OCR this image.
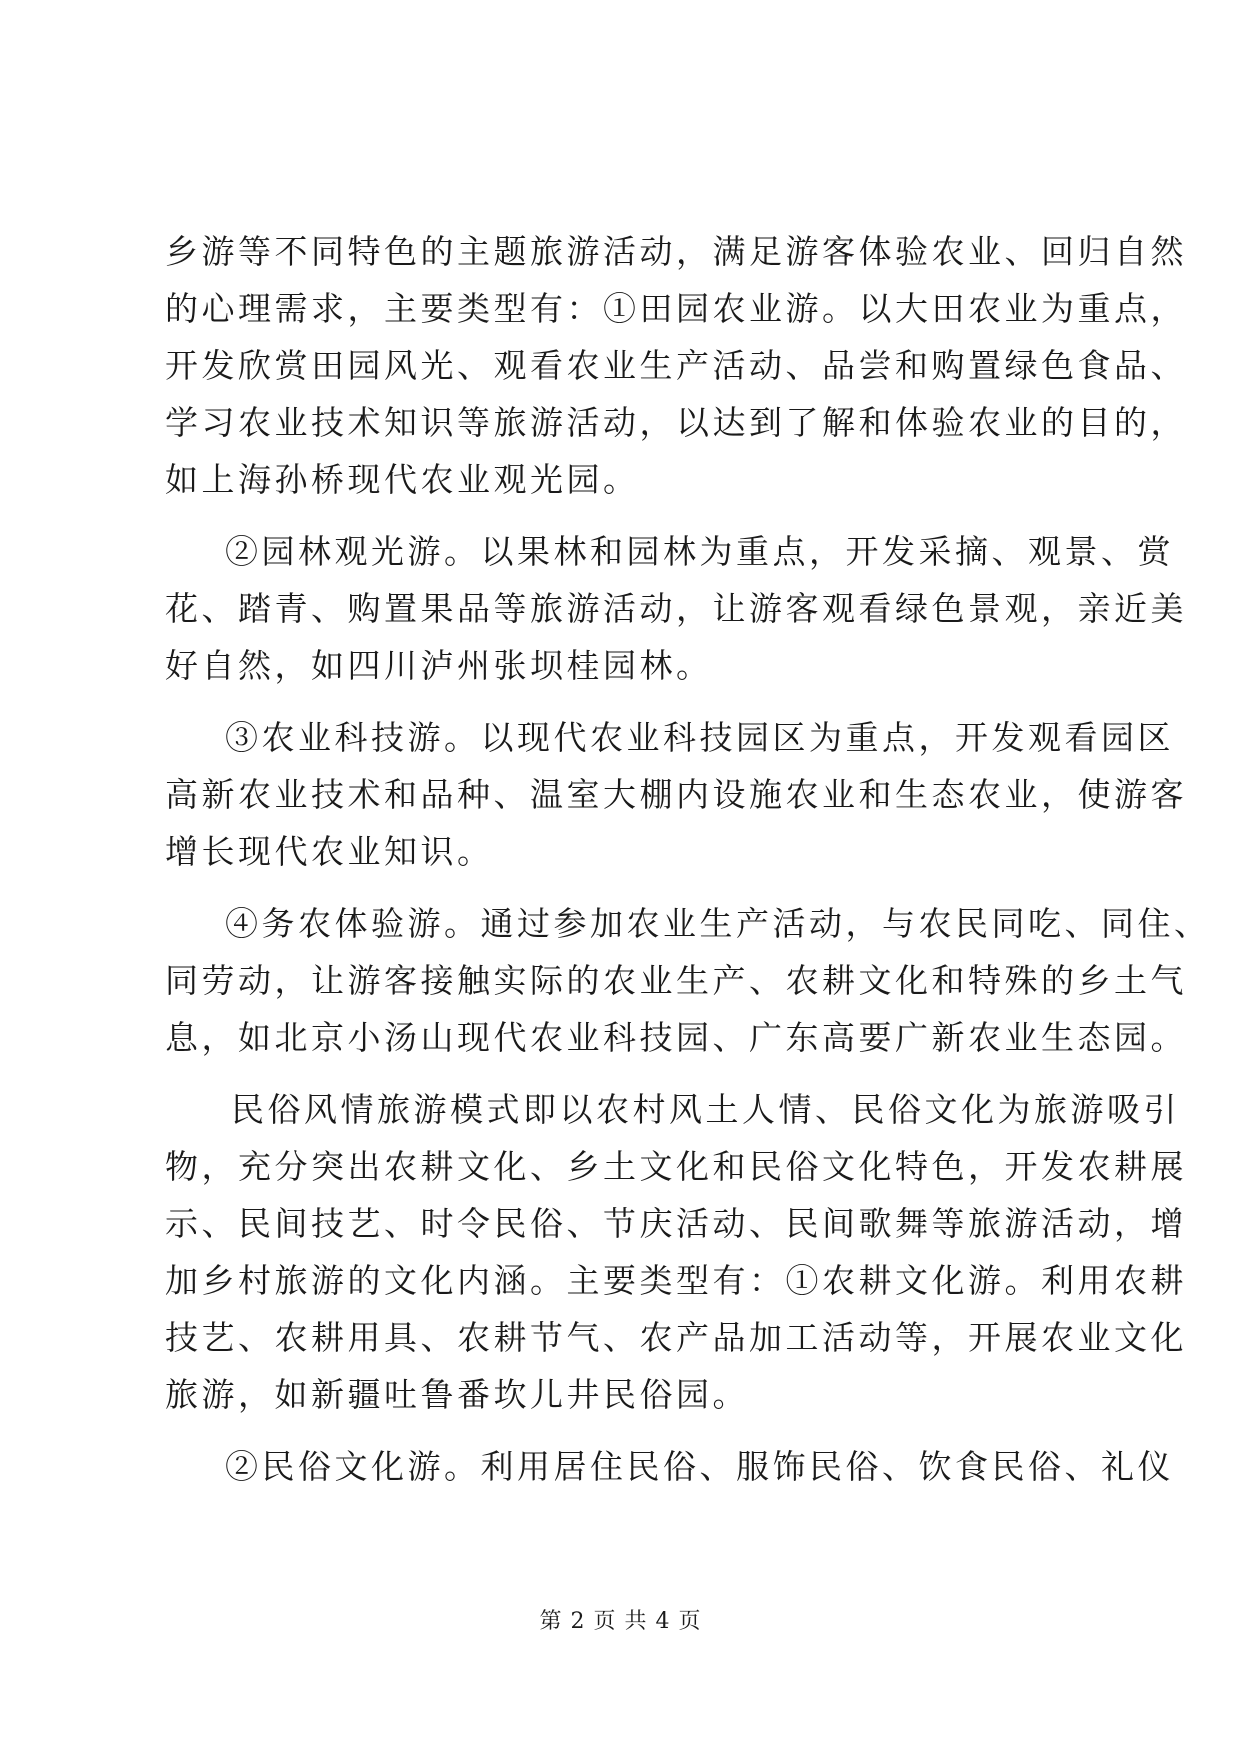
乡游等不同特色的主题旅游活动，满足游客体验农业、回归自然
的心理需求，主要类型有：①田园农业游。以大田农业为重点，
开发欣赏田园风光、观看农业生产活动、品尝和购置绿色食品、
学习农业技术知识等旅游活动，以达到了解和体验农业的目的，
如上海孙桥现代农业观光园。
②园林观光游。以果林和园林为重点，开发采摘、观景、赏
花、踏青、购置果品等旅游活动，让游客观看绿色景观，亲近美
好自然，如四川泸州张坝桂园林。
③农业科技游。以现代农业科技园区为重点，开发观看园区
高新农业技术和品种、温室大棚内设施农业和生态农业，使游客
增长现代农业知识。
④务农体验游。通过参加农业生产活动，与农民同吃、同住、
同劳动，让游客接触实际的农业生产、农耕文化和特殊的乡土气
息，如北京小汤山现代农业科技园、广东高要广新农业生态园。
民俗风情旅游模式即以农村风土人情、民俗文化为旅游吸引
物，充分突出农耕文化、乡土文化和民俗文化特色，开发农耕展
示、民间技艺、时令民俗、节庆活动、民间歌舞等旅游活动，增
加乡村旅游的文化内涵。主要类型有：①农耕文化游。利用农耕
技艺、农耕用具、农耕节气、农产品加工活动等，开展农业文化
旅游，如新疆吐鲁番坎儿井民俗园。
②民俗文化游。利用居住民俗、服饰民俗、饮食民俗、礼仪
第 2 页 共 4 页
